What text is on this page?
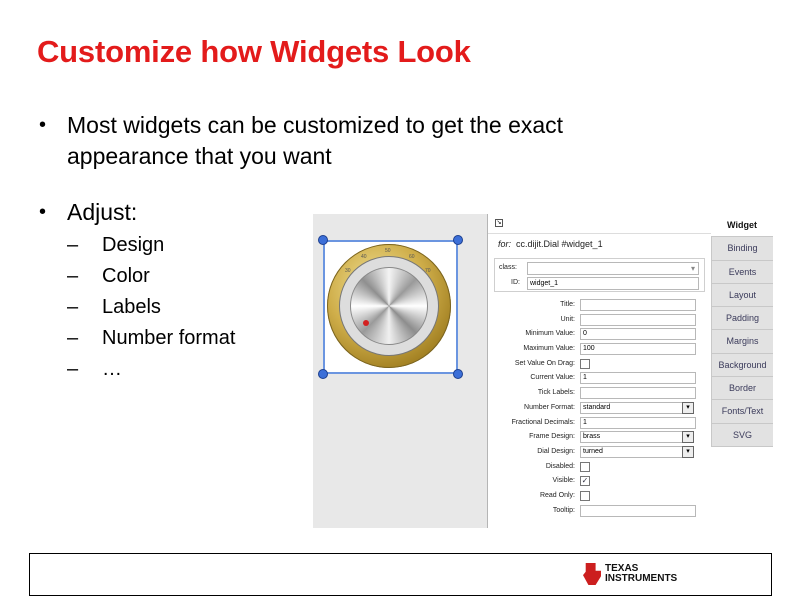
Customize how Widgets Look
• Most widgets can be customized to get the exact appearance that you want
• Adjust:
– Design
– Color
– Labels
– Number format
– …
50
40	60
30	70
↘
for: cc.dijit.Dial #widget_1
class:
▾
ID:	widget_1
Title:
Unit:
Minimum Value:	0
Maximum Value:	100
Set Value On Drag:
Current Value:	1
Tick Labels:
Number Format:	standard	▾
Fractional Decimals:	1
Frame Design:	brass	▾
Dial Design:	turned	▾
Disabled:
Visible: ✓
Read Only:
Tooltip:
Widget
Binding
Events
Layout
Padding
Margins
Background
Border
Fonts/Text
SVG
TEXAS
INSTRUMENTS
